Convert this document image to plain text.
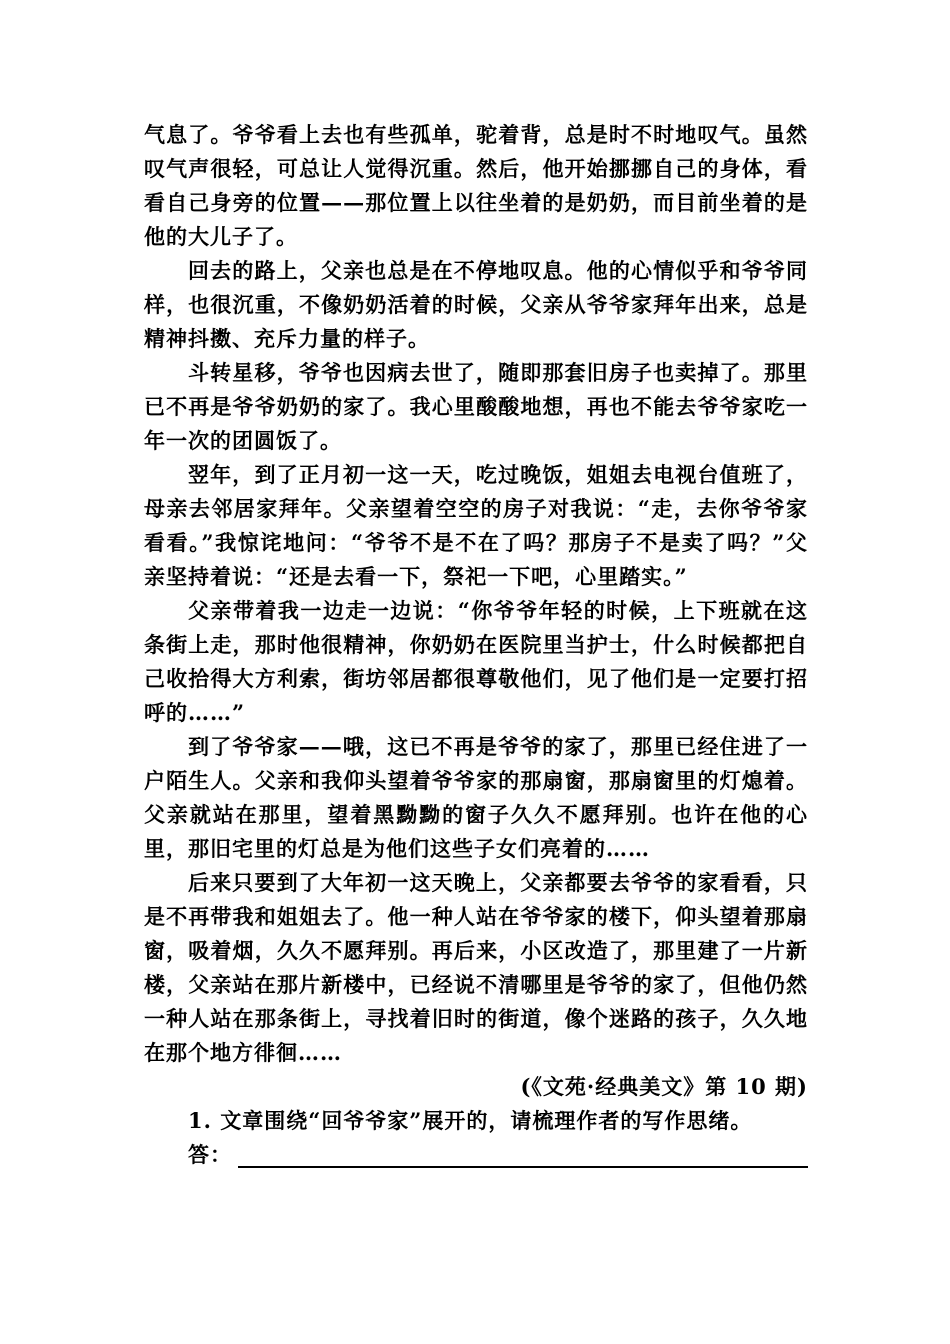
气息了。爷爷看上去也有些孤单，驼着背，总是时不时地叹气。虽然叹气声很轻，可总让人觉得沉重。然后，他开始挪挪自己的身体，看看自己身旁的位置——那位置上以往坐着的是奶奶，而目前坐着的是他的大儿子了。

回去的路上，父亲也总是在不停地叹息。他的心情似乎和爷爷同样，也很沉重，不像奶奶活着的时候，父亲从爷爷家拜年出来，总是精神抖擞、充斥力量的样子。

斗转星移，爷爷也因病去世了，随即那套旧房子也卖掉了。那里已不再是爷爷奶奶的家了。我心里酸酸地想，再也不能去爷爷家吃一年一次的团圆饭了。

翌年，到了正月初一这一天，吃过晚饭，姐姐去电视台值班了，母亲去邻居家拜年。父亲望着空空的房子对我说：“走，去你爷爷家看看。”我惊诧地问：“爷爷不是不在了吗？那房子不是卖了吗？”父亲坚持着说：“还是去看一下，祭祀一下吧，心里踏实。”

父亲带着我一边走一边说：“你爷爷年轻的时候，上下班就在这条街上走，那时他很精神，你奶奶在医院里当护士，什么时候都把自己收拾得大方利索，街坊邻居都很尊敬他们，见了他们是一定要打招呼的……”

到了爷爷家——哦，这已不再是爷爷的家了，那里已经住进了一户陌生人。父亲和我仰头望着爷爷家的那扇窗，那扇窗里的灯熄着。父亲就站在那里，望着黑黝黝的窗子久久不愿拜别。也许在他的心里，那旧宅里的灯总是为他们这些子女们亮着的……

后来只要到了大年初一这天晚上，父亲都要去爷爷的家看看，只是不再带我和姐姐去了。他一种人站在爷爷家的楼下，仰头望着那扇窗，吸着烟，久久不愿拜别。再后来，小区改造了，那里建了一片新楼，父亲站在那片新楼中，已经说不清哪里是爷爷的家了，但他仍然一种人站在那条街上，寻找着旧时的街道，像个迷路的孩子，久久地在那个地方徘徊……

(《文苑·经典美文》第 10 期)

1. 文章围绕“回爷爷家”展开的，请梳理作者的写作思绪。

答：
